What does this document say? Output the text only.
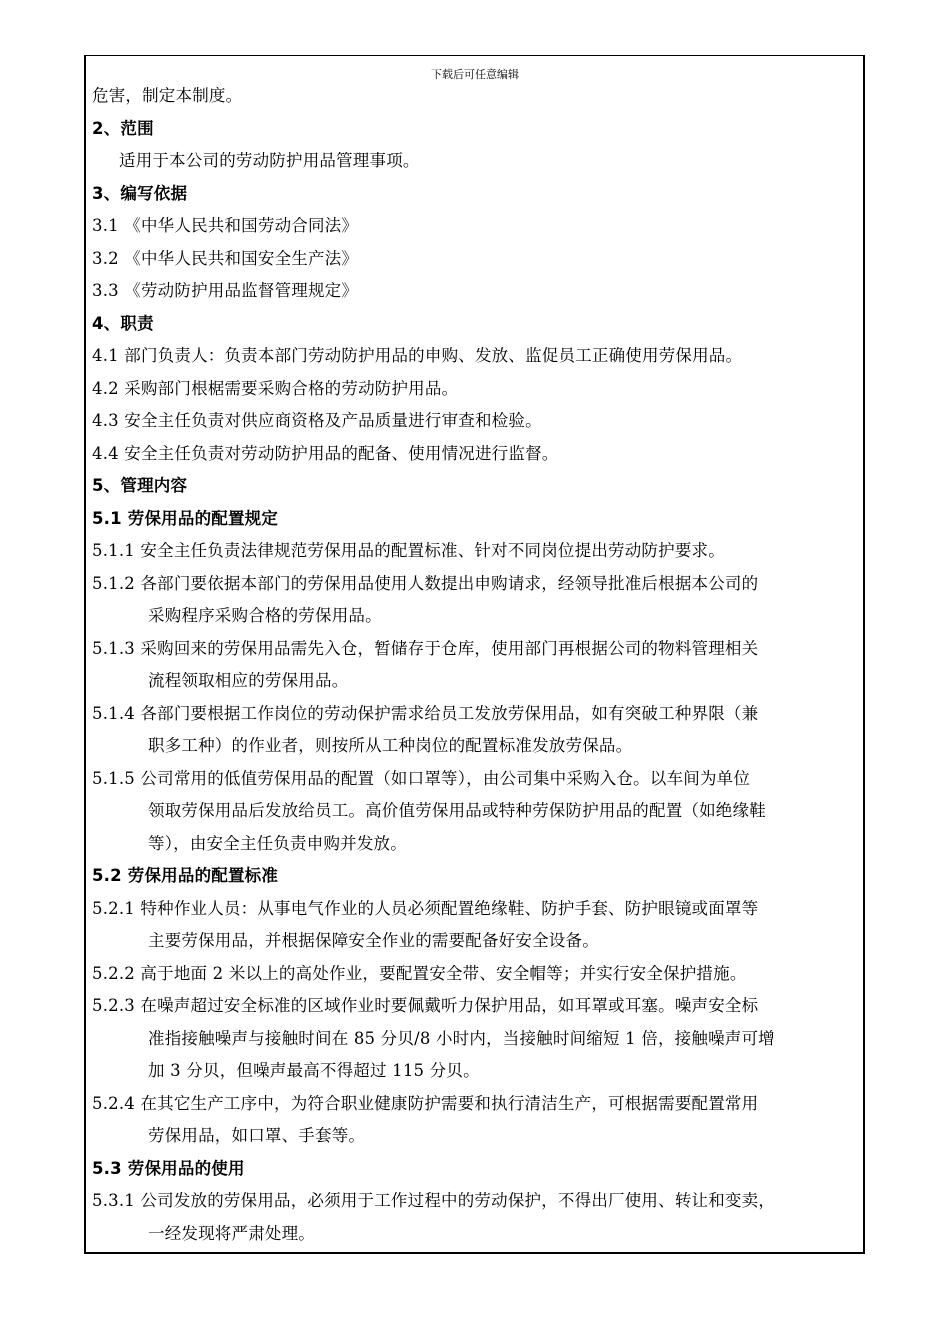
下载后可任意编辑
危害，制定本制度。
2、范围
适用于本公司的劳动防护用品管理事项。
3、编写依据
3.1 《中华人民共和国劳动合同法》
3.2 《中华人民共和国安全生产法》
3.3 《劳动防护用品监督管理规定》
4、职责
4.1 部门负责人：负责本部门劳动防护用品的申购、发放、监促员工正确使用劳保用品。
4.2 采购部门根椐需要采购合格的劳动防护用品。
4.3 安全主任负责对供应商资格及产品质量进行审查和检验。
4.4 安全主任负责对劳动防护用品的配备、使用情况进行监督。
5、管理内容
5.1 劳保用品的配置规定
5.1.1 安全主任负责法律规范劳保用品的配置标准、针对不同岗位提出劳动防护要求。
5.1.2 各部门要依据本部门的劳保用品使用人数提出申购请求，经领导批准后根据本公司的
采购程序采购合格的劳保用品。
5.1.3 采购回来的劳保用品需先入仓，暂储存于仓库，使用部门再根据公司的物料管理相关
流程领取相应的劳保用品。
5.1.4 各部门要根据工作岗位的劳动保护需求给员工发放劳保用品，如有突破工种界限（兼
职多工种）的作业者，则按所从工种岗位的配置标准发放劳保品。
5.1.5 公司常用的低值劳保用品的配置（如口罩等），由公司集中采购入仓。以车间为单位
领取劳保用品后发放给员工。高价值劳保用品或特种劳保防护用品的配置（如绝缘鞋
等），由安全主任负责申购并发放。
5.2 劳保用品的配置标准
5.2.1 特种作业人员：从事电气作业的人员必须配置绝缘鞋、防护手套、防护眼镜或面罩等
主要劳保用品，并根据保障安全作业的需要配备好安全设备。
5.2.2 高于地面 2 米以上的高处作业，要配置安全带、安全帽等；并实行安全保护措施。
5.2.3 在噪声超过安全标准的区域作业时要佩戴听力保护用品，如耳罩或耳塞。噪声安全标
准指接触噪声与接触时间在 85 分贝/8 小时内，当接触时间缩短 1 倍，接触噪声可增
加 3 分贝，但噪声最高不得超过 115 分贝。
5.2.4 在其它生产工序中，为符合职业健康防护需要和执行清洁生产，可根据需要配置常用
劳保用品，如口罩、手套等。
5.3 劳保用品的使用
5.3.1 公司发放的劳保用品，必须用于工作过程中的劳动保护，不得出厂使用、转让和变卖，
一经发现将严肃处理。
